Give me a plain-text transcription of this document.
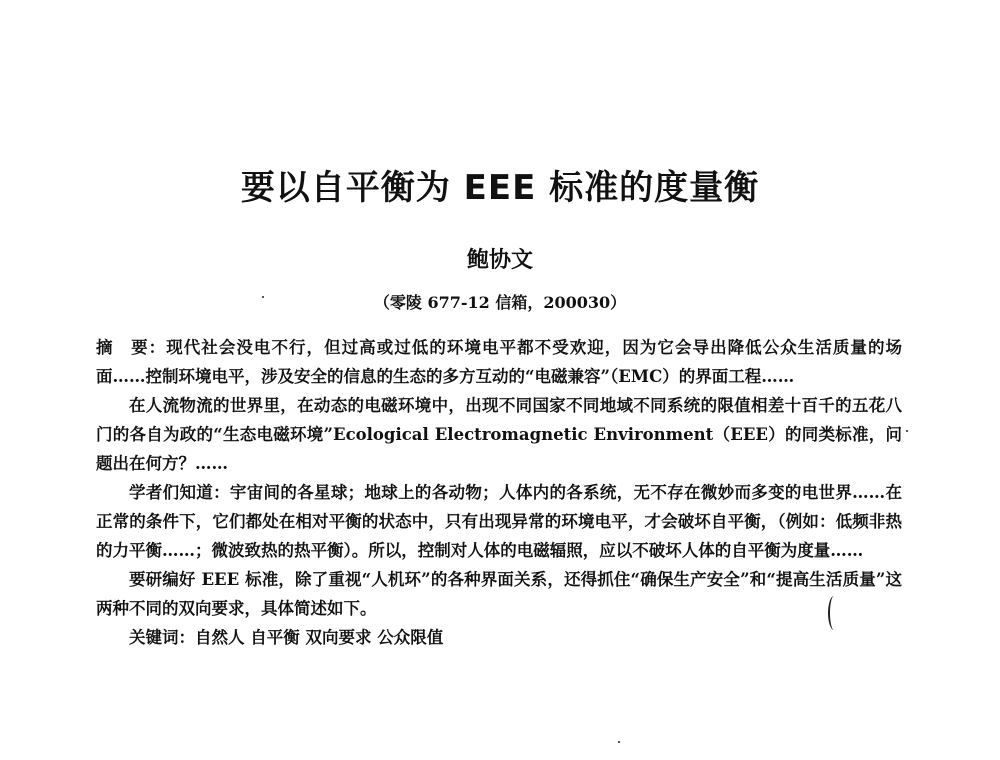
要以自平衡为 EEE 标准的度量衡
鲍协文
（零陵 677-12 信箱，200030）

摘　要：现代社会没电不行，但过高或过低的环境电平都不受欢迎，因为它会导出降低公众生活质量的场面……控制环境电平，涉及安全的信息的生态的多方互动的“电磁兼容”（EMC）的界面工程……

在人流物流的世界里，在动态的电磁环境中，出现不同国家不同地域不同系统的限值相差十百千的五花八门的各自为政的“生态电磁环境”Ecological Electromagnetic Environment（EEE）的同类标准，问题出在何方？……

学者们知道：宇宙间的各星球；地球上的各动物；人体内的各系统，无不存在微妙而多变的电世界……在正常的条件下，它们都处在相对平衡的状态中，只有出现异常的环境电平，才会破坏自平衡，（例如：低频非热的力平衡……；微波致热的热平衡）。所以，控制对人体的电磁辐照，应以不破坏人体的自平衡为度量……

要研编好 EEE 标准，除了重视“人机环”的各种界面关系，还得抓住“确保生产安全”和“提高生活质量”这两种不同的双向要求，具体简述如下。

关键词：自然人 自平衡 双向要求 公众限值
